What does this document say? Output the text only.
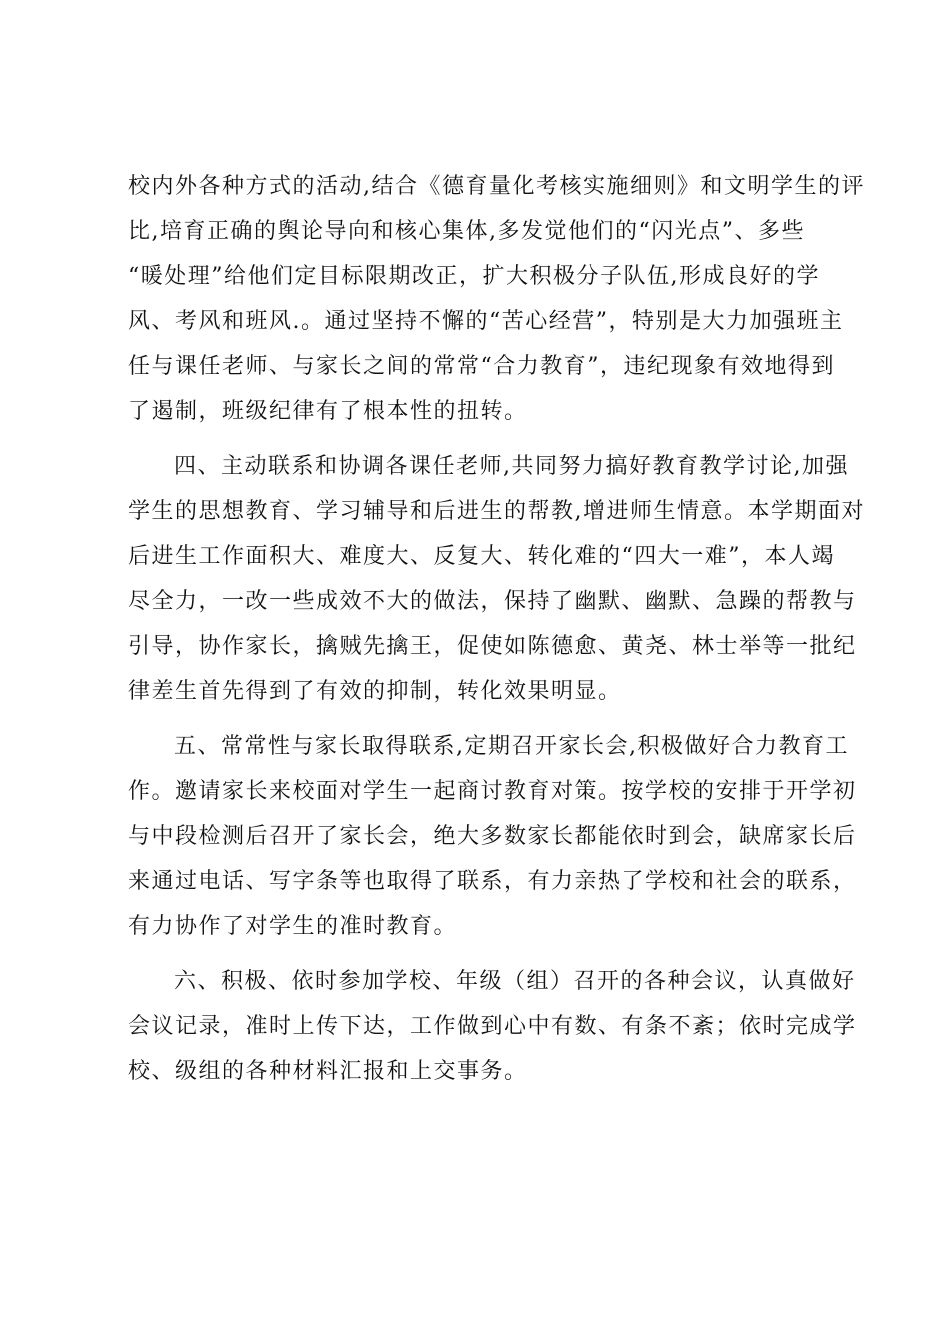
校内外各种方式的活动,结合《德育量化考核实施细则》和文明学生的评
比,培育正确的舆论导向和核心集体,多发觉他们的“闪光点”、多些
“暖处理”给他们定目标限期改正，扩大积极分子队伍,形成良好的学
风、考风和班风.。通过坚持不懈的“苦心经营”，特别是大力加强班主
任与课任老师、与家长之间的常常“合力教育”，违纪现象有效地得到
了遏制，班级纪律有了根本性的扭转。

四、主动联系和协调各课任老师,共同努力搞好教育教学讨论,加强
学生的思想教育、学习辅导和后进生的帮教,增进师生情意。本学期面对
后进生工作面积大、难度大、反复大、转化难的“四大一难”，本人竭
尽全力，一改一些成效不大的做法，保持了幽默、幽默、急躁的帮教与
引导，协作家长，擒贼先擒王，促使如陈德愈、黄尧、林士举等一批纪
律差生首先得到了有效的抑制，转化效果明显。

五、常常性与家长取得联系,定期召开家长会,积极做好合力教育工
作。邀请家长来校面对学生一起商讨教育对策。按学校的安排于开学初
与中段检测后召开了家长会，绝大多数家长都能依时到会，缺席家长后
来通过电话、写字条等也取得了联系，有力亲热了学校和社会的联系，
有力协作了对学生的准时教育。

六、积极、依时参加学校、年级（组）召开的各种会议，认真做好
会议记录，准时上传下达，工作做到心中有数、有条不紊；依时完成学
校、级组的各种材料汇报和上交事务。
